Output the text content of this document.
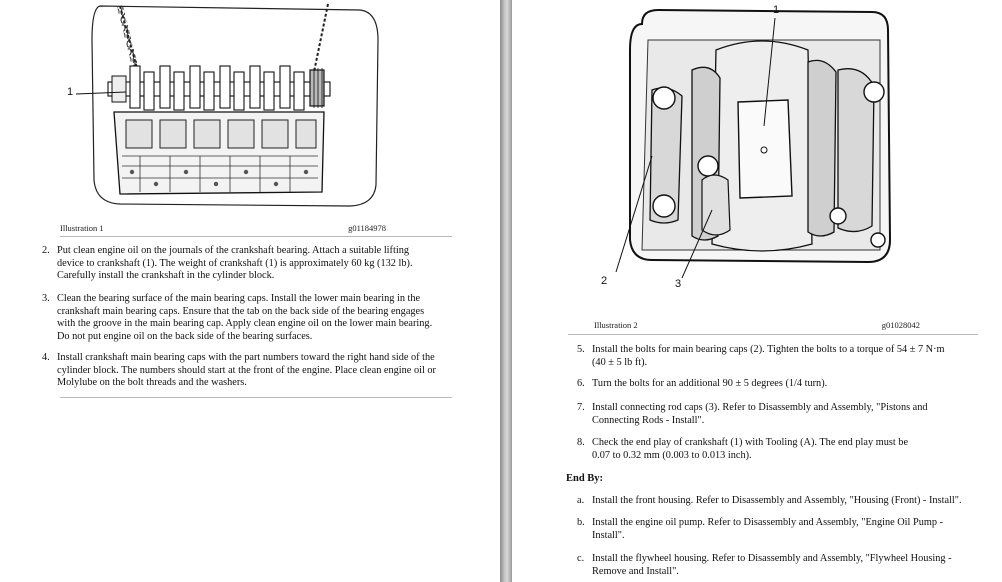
1
Illustration 1	g01184978
2. Put clean engine oil on the journals of the crankshaft bearing. Attach a suitable lifting
device to crankshaft (1). The weight of crankshaft (1) is approximately 60 kg (132 lb).
Carefully install the crankshaft in the cylinder block.
3. Clean the bearing surface of the main bearing caps. Install the lower main bearing in the
crankshaft main bearing caps. Ensure that the tab on the back side of the bearing engages
with the groove in the main bearing cap. Apply clean engine oil on the lower main bearing.
Do not put engine oil on the back side of the bearing surfaces.
4. Install crankshaft main bearing caps with the part numbers toward the right hand side of the
cylinder block. The numbers should start at the front of the engine. Place clean engine oil or
Molylube on the bolt threads and the washers.
1
2	3
Illustration 2	g01028042
5. Install the bolts for main bearing caps (2). Tighten the bolts to a torque of 54 ± 7 N·m
(40 ± 5 lb ft).
6. Turn the bolts for an additional 90 ± 5 degrees (1/4 turn).
7. Install connecting rod caps (3). Refer to Disassembly and Assembly, "Pistons and
Connecting Rods - Install".
8. Check the end play of crankshaft (1) with Tooling (A). The end play must be
0.07 to 0.32 mm (0.003 to 0.013 inch).
End By:
a. Install the front housing. Refer to Disassembly and Assembly, "Housing (Front) - Install".
b. Install the engine oil pump. Refer to Disassembly and Assembly, "Engine Oil Pump -
Install".
c. Install the flywheel housing. Refer to Disassembly and Assembly, "Flywheel Housing -
Remove and Install".
